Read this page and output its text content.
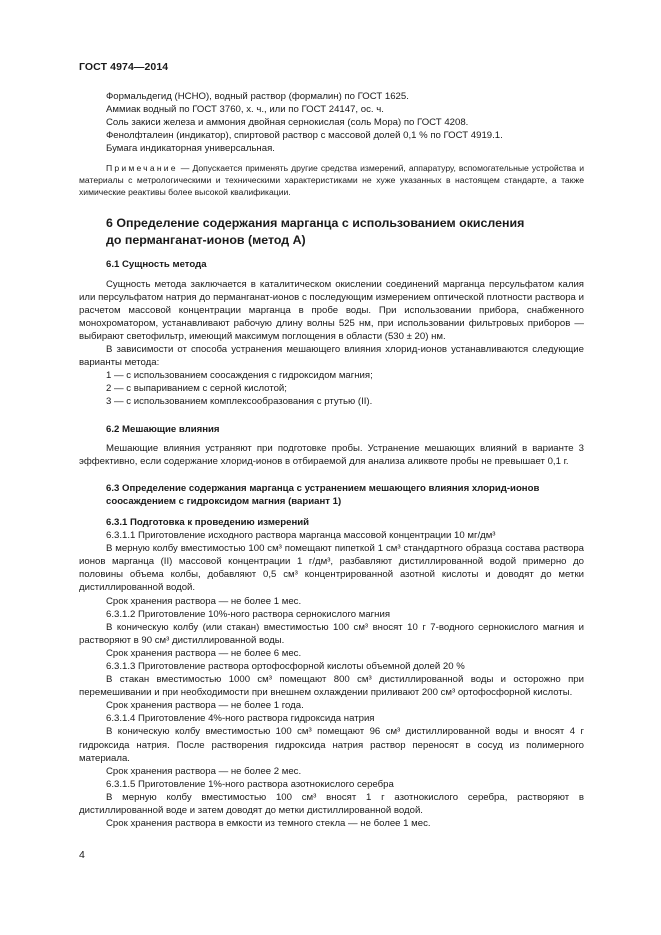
ГОСТ 4974—2014

Формальдегид (HCHO), водный раствор (формалин) по ГОСТ 1625.

Аммиак водный по ГОСТ 3760, х. ч., или по ГОСТ 24147, ос. ч.

Соль закиси железа и аммония двойная сернокислая (соль Мора) по ГОСТ 4208.

Фенолфталеин (индикатор), спиртовой раствор с массовой долей 0,1 % по ГОСТ 4919.1.

Бумага индикаторная универсальная.

Примечание — Допускается применять другие средства измерений, аппаратуру, вспомогательные устройства и материалы с метрологическими и техническими характеристиками не хуже указанных в настоящем стандарте, а также химические реактивы более высокой квалификации.

6 Определение содержания марганца с использованием окисления
до перманганат-ионов (метод А)

6.1 Сущность метода

Сущность метода заключается в каталитическом окислении соединений марганца персульфатом калия или персульфатом натрия до перманганат-ионов с последующим измерением оптической плотности раствора и расчетом массовой концентрации марганца в пробе воды. При использовании прибора, снабженного монохроматором, устанавливают рабочую длину волны 525 нм, при использовании фильтровых приборов — выбирают светофильтр, имеющий максимум поглощения в области (530 ± 20) нм.

В зависимости от способа устранения мешающего влияния хлорид-ионов устанавливаются следующие варианты метода:

1 — с использованием соосаждения с гидроксидом магния;

2 — с выпариванием с серной кислотой;

3 — с использованием комплексообразования с ртутью (II).

6.2 Мешающие влияния

Мешающие влияния устраняют при подготовке пробы. Устранение мешающих влияний в варианте 3 эффективно, если содержание хлорид-ионов в отбираемой для анализа аликвоте пробы не превышает 0,1 г.

6.3 Определение содержания марганца с устранением мешающего влияния хлорид-ионов
соосаждением с гидроксидом магния (вариант 1)

6.3.1 Подготовка к проведению измерений

6.3.1.1 Приготовление исходного раствора марганца массовой концентрации 10 мг/дм³

В мерную колбу вместимостью 100 см³ помещают пипеткой 1 см³ стандартного образца состава раствора ионов марганца (II) массовой концентрации 1 г/дм³, разбавляют дистиллированной водой примерно до половины объема колбы, добавляют 0,5 см³ концентрированной азотной кислоты и доводят до метки дистиллированной водой.

Срок хранения раствора — не более 1 мес.

6.3.1.2 Приготовление 10%-ного раствора сернокислого магния

В коническую колбу (или стакан) вместимостью 100 см³ вносят 10 г 7-водного сернокислого магния и растворяют в 90 см³ дистиллированной воды.

Срок хранения раствора — не более 6 мес.

6.3.1.3 Приготовление раствора ортофосфорной кислоты объемной долей 20 %

В стакан вместимостью 1000 см³ помещают 800 см³ дистиллированной воды и осторожно при перемешивании и при необходимости при внешнем охлаждении приливают 200 см³ ортофосфорной кислоты.

Срок хранения раствора — не более 1 года.

6.3.1.4 Приготовление 4%-ного раствора гидроксида натрия

В коническую колбу вместимостью 100 см³ помещают 96 см³ дистиллированной воды и вносят 4 г гидроксида натрия. После растворения гидроксида натрия раствор переносят в сосуд из полимерного материала.

Срок хранения раствора — не более 2 мес.

6.3.1.5 Приготовление 1%-ного раствора азотнокислого серебра

В мерную колбу вместимостью 100 см³ вносят 1 г азотнокислого серебра, растворяют в дистиллированной воде и затем доводят до метки дистиллированной водой.

Срок хранения раствора в емкости из темного стекла — не более 1 мес.

4
